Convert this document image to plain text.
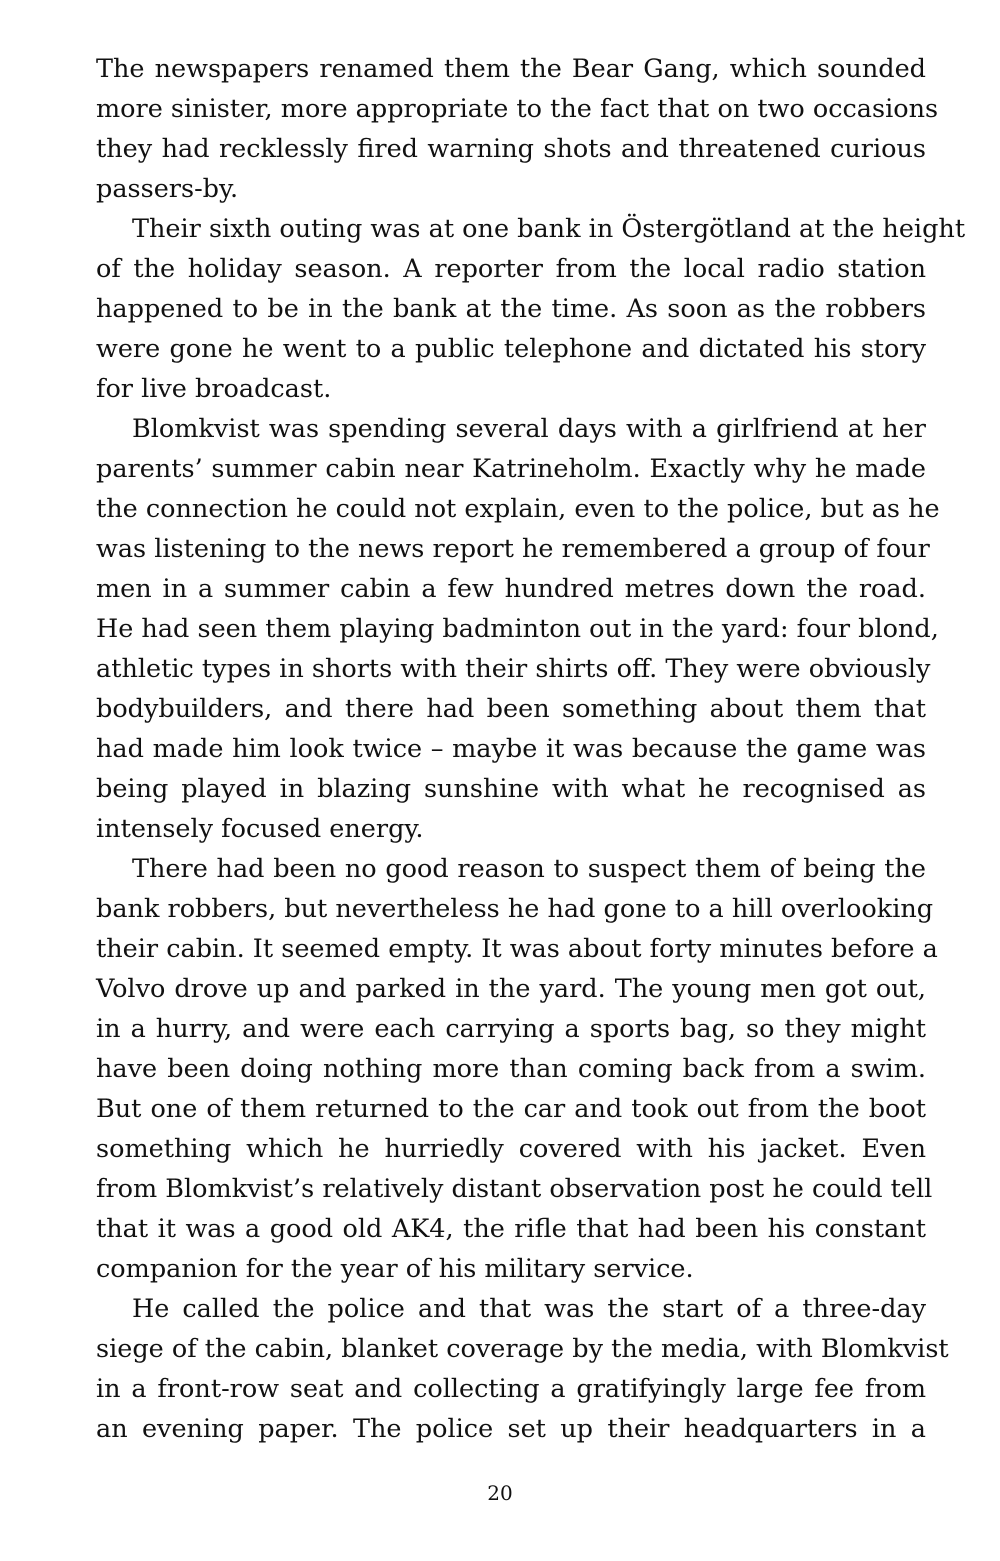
The newspapers renamed them the Bear Gang, which sounded
more sinister, more appropriate to the fact that on two occasions
they had recklessly fired warning shots and threatened curious
passers-by.
Their sixth outing was at one bank in Östergötland at the height
of the holiday season. A reporter from the local radio station
happened to be in the bank at the time. As soon as the robbers
were gone he went to a public telephone and dictated his story
for live broadcast.
Blomkvist was spending several days with a girlfriend at her
parents’ summer cabin near Katrineholm. Exactly why he made
the connection he could not explain, even to the police, but as he
was listening to the news report he remembered a group of four
men in a summer cabin a few hundred metres down the road.
He had seen them playing badminton out in the yard: four blond,
athletic types in shorts with their shirts off. They were obviously
bodybuilders, and there had been something about them that
had made him look twice – maybe it was because the game was
being played in blazing sunshine with what he recognised as
intensely focused energy.
There had been no good reason to suspect them of being the
bank robbers, but nevertheless he had gone to a hill overlooking
their cabin. It seemed empty. It was about forty minutes before a
Volvo drove up and parked in the yard. The young men got out,
in a hurry, and were each carrying a sports bag, so they might
have been doing nothing more than coming back from a swim.
But one of them returned to the car and took out from the boot
something which he hurriedly covered with his jacket. Even
from Blomkvist’s relatively distant observation post he could tell
that it was a good old AK4, the rifle that had been his constant
companion for the year of his military service.
He called the police and that was the start of a three-day
siege of the cabin, blanket coverage by the media, with Blomkvist
in a front-row seat and collecting a gratifyingly large fee from
an evening paper. The police set up their headquarters in a
20
